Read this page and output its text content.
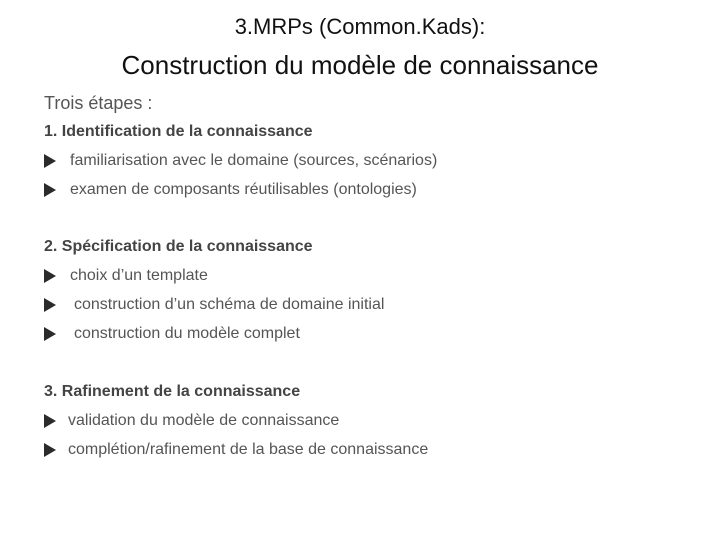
3.MRPs (Common.Kads):
Construction du modèle de connaissance
Trois étapes :
1. Identification de la connaissance
familiarisation avec le domaine (sources, scénarios)
examen de composants réutilisables (ontologies)
2. Spécification de la connaissance
choix d’un template
construction d’un schéma de domaine initial
construction du modèle complet
3. Rafinement de la connaissance
validation du modèle de connaissance
complétion/rafinement de la base de connaissance
